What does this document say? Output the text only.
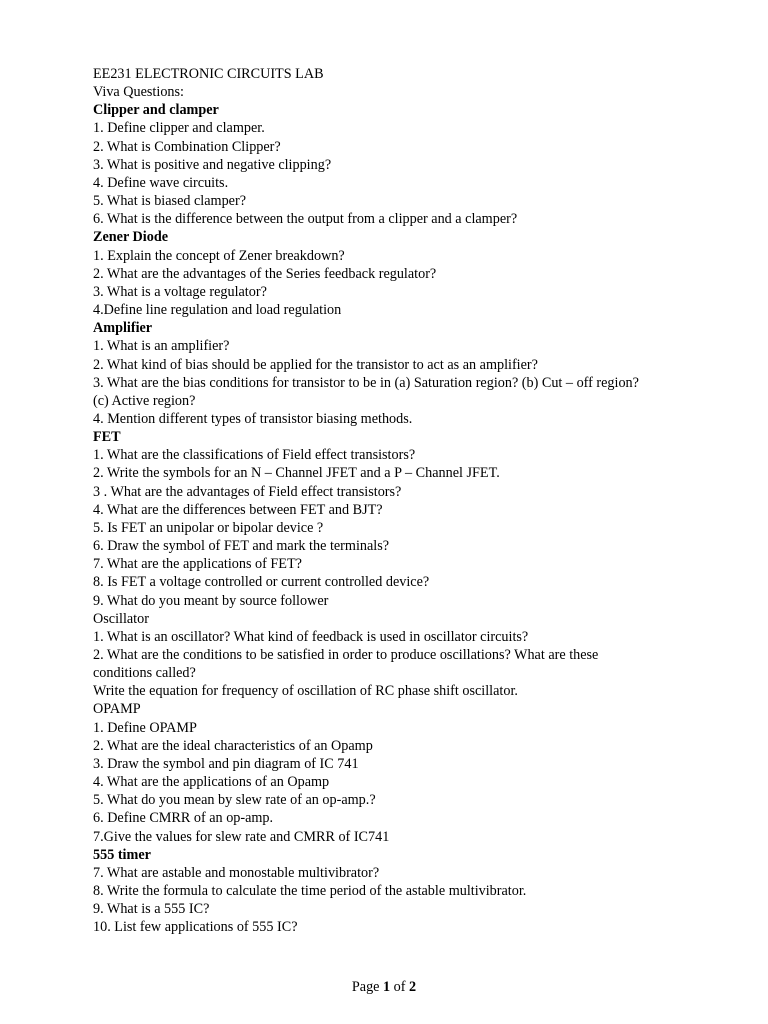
EE231 ELECTRONIC CIRCUITS LAB
Viva Questions:
Clipper and clamper
1. Define clipper and clamper.
2. What is Combination Clipper?
3. What is positive and negative clipping?
4. Define wave circuits.
5. What is biased clamper?
6. What is the difference between the output from a clipper and a clamper?
Zener Diode
1. Explain the concept of Zener breakdown?
2. What are the advantages of the Series feedback regulator?
3. What is a voltage regulator?
4.Define line regulation and load regulation
Amplifier
1. What is an amplifier?
2. What kind of bias should be applied for the transistor to act as an amplifier?
3. What are the bias conditions for transistor to be in (a) Saturation region? (b) Cut – off region?
(c) Active region?
4. Mention different types of transistor biasing methods.
FET
1. What are the classifications of Field effect transistors?
2. Write the symbols for an N – Channel JFET and a P – Channel JFET.
3 . What are the advantages of Field effect transistors?
4. What are the differences between FET and BJT?
5. Is FET an unipolar or bipolar device ?
6. Draw the symbol of FET and mark the terminals?
7. What are the applications of FET?
8. Is FET a voltage controlled or current controlled device?
9. What do you meant by source follower
Oscillator
1. What is an oscillator? What kind of feedback is used in oscillator circuits?
2. What are the conditions to be satisfied in order to produce oscillations? What are these
conditions called?
Write the equation for frequency of oscillation of RC phase shift oscillator.
OPAMP
1. Define OPAMP
2. What are the ideal characteristics of an Opamp
3. Draw the symbol and pin diagram of IC 741
4. What are the applications of an Opamp
5. What do you mean by slew rate of an op-amp.?
6. Define CMRR of an op-amp.
7.Give the values for slew rate and CMRR of IC741
555 timer
7. What are astable and monostable multivibrator?
8. Write the formula to calculate the time period of the astable multivibrator.
9. What is a 555 IC?
10. List few applications of 555 IC?
Page 1 of 2
